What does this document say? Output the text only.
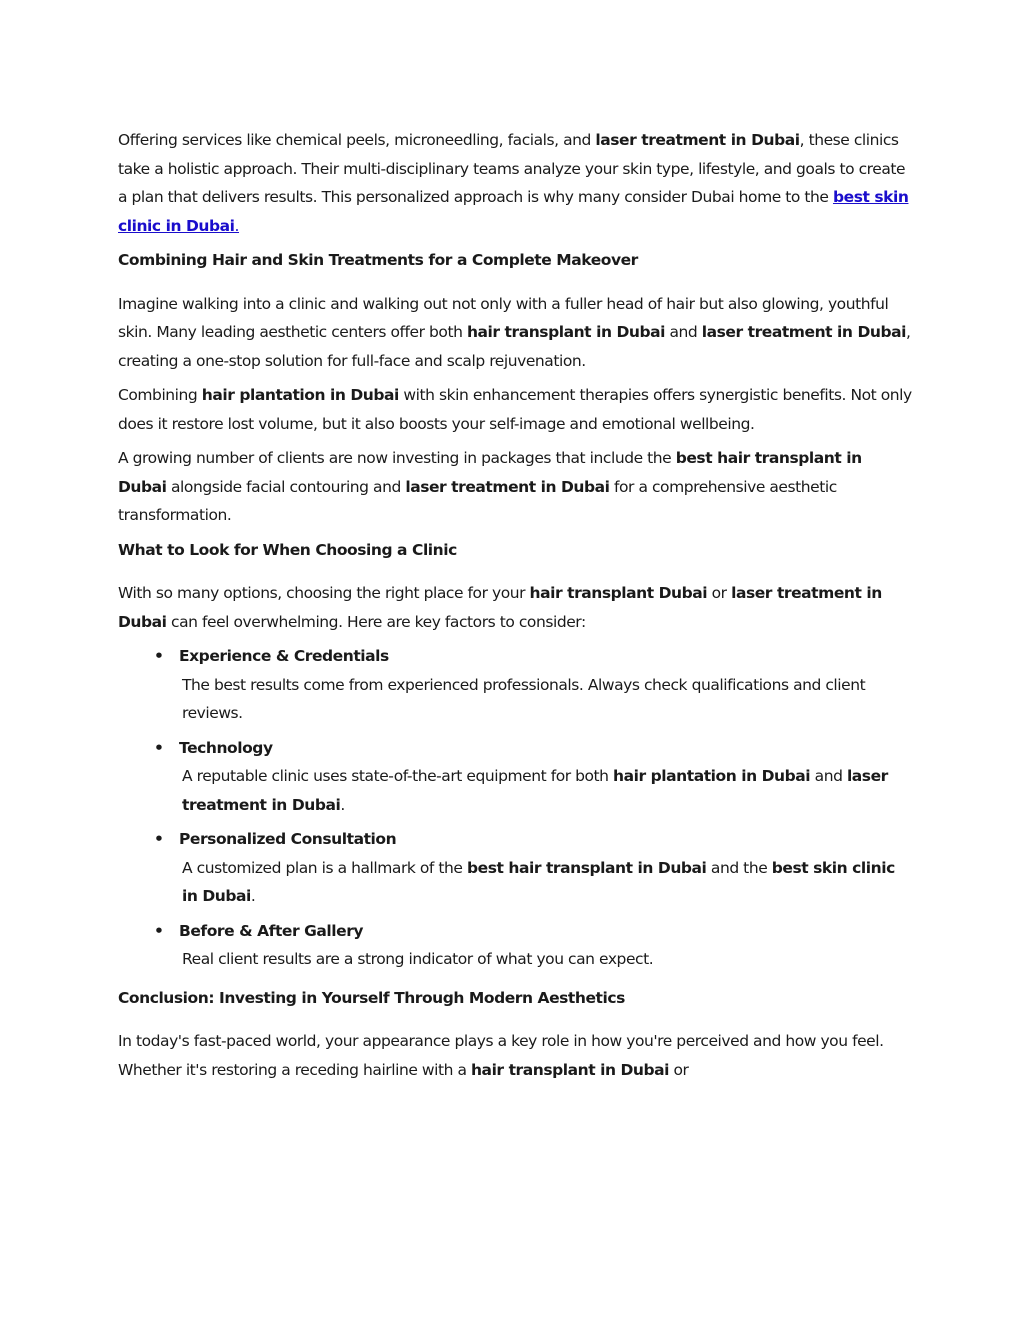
Offering services like chemical peels, microneedling, facials, and laser treatment in Dubai, these clinics take a holistic approach. Their multi-disciplinary teams analyze your skin type, lifestyle, and goals to create a plan that delivers results. This personalized approach is why many consider Dubai home to the best skin clinic in Dubai.

Combining Hair and Skin Treatments for a Complete Makeover

Imagine walking into a clinic and walking out not only with a fuller head of hair but also glowing, youthful skin. Many leading aesthetic centers offer both hair transplant in Dubai and laser treatment in Dubai, creating a one-stop solution for full-face and scalp rejuvenation.

Combining hair plantation in Dubai with skin enhancement therapies offers synergistic benefits. Not only does it restore lost volume, but it also boosts your self-image and emotional wellbeing.

A growing number of clients are now investing in packages that include the best hair transplant in Dubai alongside facial contouring and laser treatment in Dubai for a comprehensive aesthetic transformation.

What to Look for When Choosing a Clinic

With so many options, choosing the right place for your hair transplant Dubai or laser treatment in Dubai can feel overwhelming. Here are key factors to consider:

• Experience & Credentials

The best results come from experienced professionals. Always check qualifications and client reviews.

• Technology

A reputable clinic uses state-of-the-art equipment for both hair plantation in Dubai and laser treatment in Dubai.

• Personalized Consultation

A customized plan is a hallmark of the best hair transplant in Dubai and the best skin clinic in Dubai.

• Before & After Gallery

Real client results are a strong indicator of what you can expect.

Conclusion: Investing in Yourself Through Modern Aesthetics

In today's fast-paced world, your appearance plays a key role in how you're perceived and how you feel. Whether it's restoring a receding hairline with a hair transplant in Dubai or
